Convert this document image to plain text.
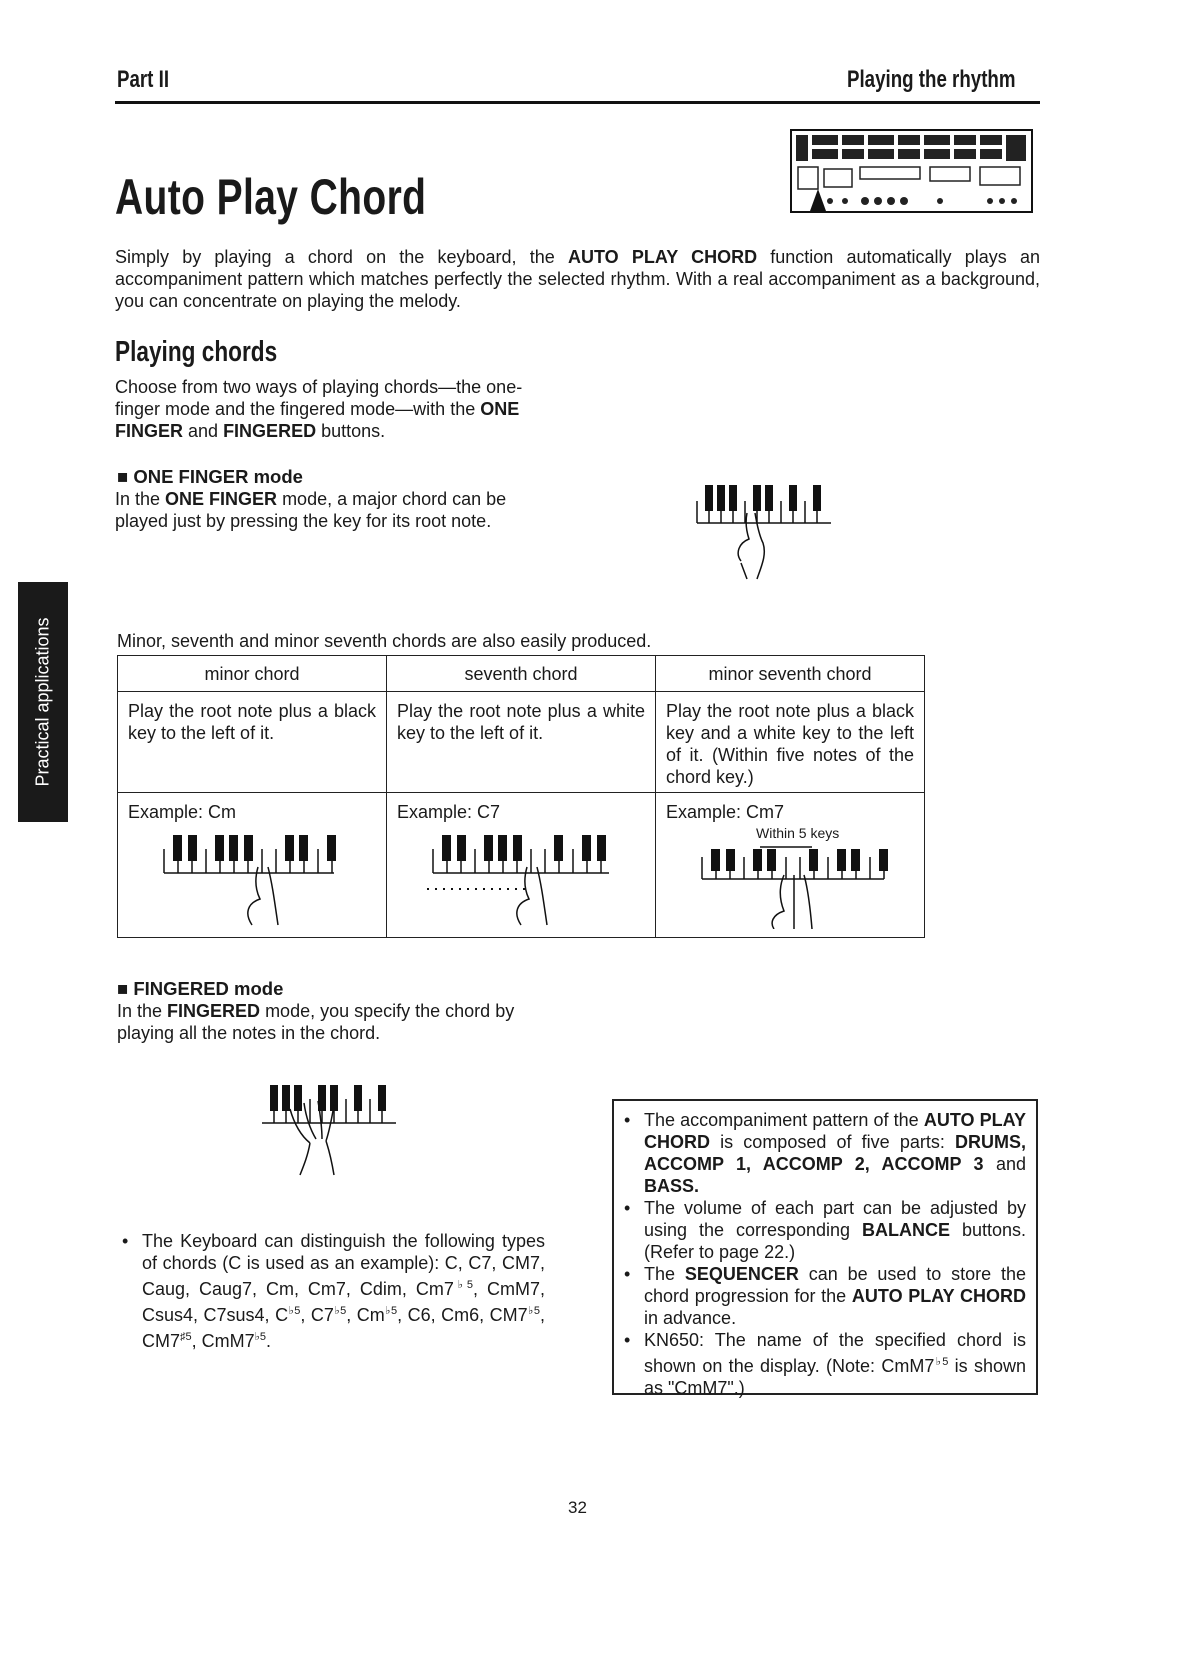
Part II	Playing the rhythm
Auto Play Chord
Simply by playing a chord on the keyboard, the AUTO PLAY CHORD function automatically plays an accompaniment pattern which matches perfectly the selected rhythm. With a real accompaniment as a background, you can concentrate on playing the melody.
Playing chords
Choose from two ways of playing chords—the one-finger mode and the fingered mode—with the ONE FINGER and FINGERED buttons.
■ ONE FINGER mode
In the ONE FINGER mode, a major chord can be played just by pressing the key for its root note.
Minor, seventh and minor seventh chords are also easily produced.
minor chord	seventh chord	minor seventh chord
Play the root note plus a black key to the left of it.	Play the root note plus a white key to the left of it.	Play the root note plus a black key and a white key to the left of it. (Within five notes of the chord key.)

Example: Cm	Example: C7	Example: Cm7
Within 5 keys
■ FINGERED mode
In the FINGERED mode, you specify the chord by playing all the notes in the chord.
• The Keyboard can distinguish the following types of chords (C is used as an example): C, C7, CM7, Caug, Caug7, Cm, Cm7, Cdim, $Cm7^{♭5}$, CmM7, Csus4, C7sus4, $C^{♭5}$, $C7^{♭5}$, $Cm^{♭5}$, C6, Cm6, $CM7^{♭5}$, $CM7^{♯5}$, $CmM7^{♭5}$.
• The accompaniment pattern of the AUTO PLAY CHORD is composed of five parts: DRUMS, ACCOMP 1, ACCOMP 2, ACCOMP 3 and BASS.
• The volume of each part can be adjusted by using the corresponding BALANCE buttons. (Refer to page 22.)
• The SEQUENCER can be used to store the chord progression for the AUTO PLAY CHORD in advance.
• KN650: The name of the specified chord is shown on the display. (Note: $CmM7^{♭5}$ is shown as "CmM7".)
Practical applications
32
